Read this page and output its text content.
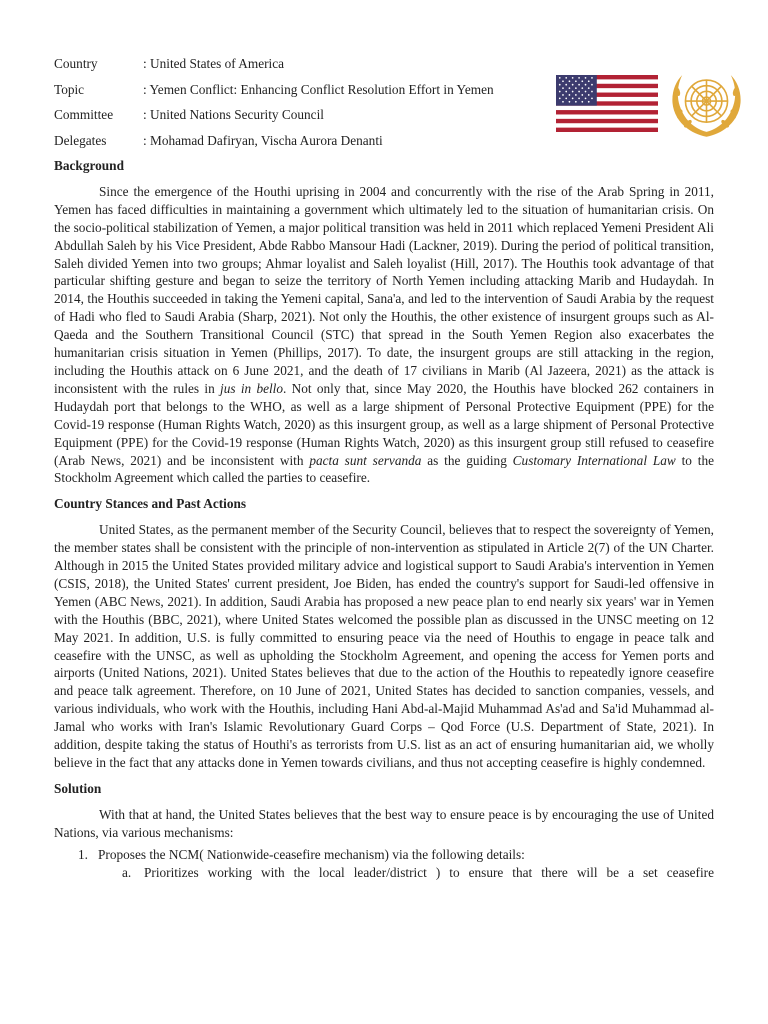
Country	: United States of America
Topic	: Yemen Conflict: Enhancing Conflict Resolution Effort in Yemen
Committee : United Nations Security Council
Delegates	: Mohamad Dafiryan, Vischa Aurora Denanti
Background

Since the emergence of the Houthi uprising in 2004 and concurrently with the rise of the Arab Spring in 2011, Yemen has faced difficulties in maintaining a government which ultimately led to the situation of humanitarian crisis. On the socio-political stabilization of Yemen, a major political transition was held in 2011 which replaced Yemeni President Ali Abdullah Saleh by his Vice President, Abde Rabbo Mansour Hadi (Lackner, 2019). During the period of political transition, Saleh divided Yemen into two groups; Ahmar loyalist and Saleh loyalist (Hill, 2017). The Houthis took advantage of that particular shifting gesture and began to seize the territory of North Yemen including attacking Marib and Hudaydah. In 2014, the Houthis succeeded in taking the Yemeni capital, Sana'a, and led to the intervention of Saudi Arabia by the request of Hadi who fled to Saudi Arabia (Sharp, 2021). Not only the Houthis, the other existence of insurgent groups such as Al-Qaeda and the Southern Transitional Council (STC) that spread in the South Yemen Region also exacerbates the humanitarian crisis situation in Yemen (Phillips, 2017). To date, the insurgent groups are still attacking in the region, including the Houthis attack on 6 June 2021, and the death of 17 civilians in Marib (Al Jazeera, 2021) as the attack is inconsistent with the rules in jus in bello. Not only that, since May 2020, the Houthis have blocked 262 containers in Hudaydah port that belongs to the WHO, as well as a large shipment of Personal Protective Equipment (PPE) for the Covid-19 response (Human Rights Watch, 2020) as this insurgent group, as well as a large shipment of Personal Protective Equipment (PPE) for the Covid-19 response (Human Rights Watch, 2020) as this insurgent group still refused to ceasefire (Arab News, 2021) and be inconsistent with pacta sunt servanda as the guiding Customary International Law to the Stockholm Agreement which called the parties to ceasefire.

Country Stances and Past Actions

United States, as the permanent member of the Security Council, believes that to respect the sovereignty of Yemen, the member states shall be consistent with the principle of non-intervention as stipulated in Article 2(7) of the UN Charter. Although in 2015 the United States provided military advice and logistical support to Saudi Arabia's intervention in Yemen (CSIS, 2018), the United States' current president, Joe Biden, has ended the country's support for Saudi-led offensive in Yemen (ABC News, 2021). In addition, Saudi Arabia has proposed a new peace plan to end nearly six years' war in Yemen with the Houthis (BBC, 2021), where United States welcomed the possible plan as discussed in the UNSC meeting on 12 May 2021. In addition, U.S. is fully committed to ensuring peace via the need of Houthis to engage in peace talk and ceasefire with the UNSC, as well as upholding the Stockholm Agreement, and opening the access for Yemen ports and airports (United Nations, 2021). United States believes that due to the action of the Houthis to repeatedly ignore ceasefire and peace talk agreement. Therefore, on 10 June of 2021, United States has decided to sanction companies, vessels, and various individuals, who work with the Houthis, including Hani Abd-al-Majid Muhammad As'ad and Sa'id Muhammad al-Jamal who works with Iran's Islamic Revolutionary Guard Corps – Qod Force (U.S. Department of State, 2021). In addition, despite taking the status of Houthi's as terrorists from U.S. list as an act of ensuring humanitarian aid, we wholly believe in the fact that any attacks done in Yemen towards civilians, and thus not accepting ceasefire is highly condemned.

Solution

With that at hand, the United States believes that the best way to ensure peace is by encouraging the use of United Nations, via various mechanisms:

1. Proposes the NCM( Nationwide-ceasefire mechanism) via the following details:
a. Prioritizes working with the local leader/district ) to ensure that there will be a set ceasefire
